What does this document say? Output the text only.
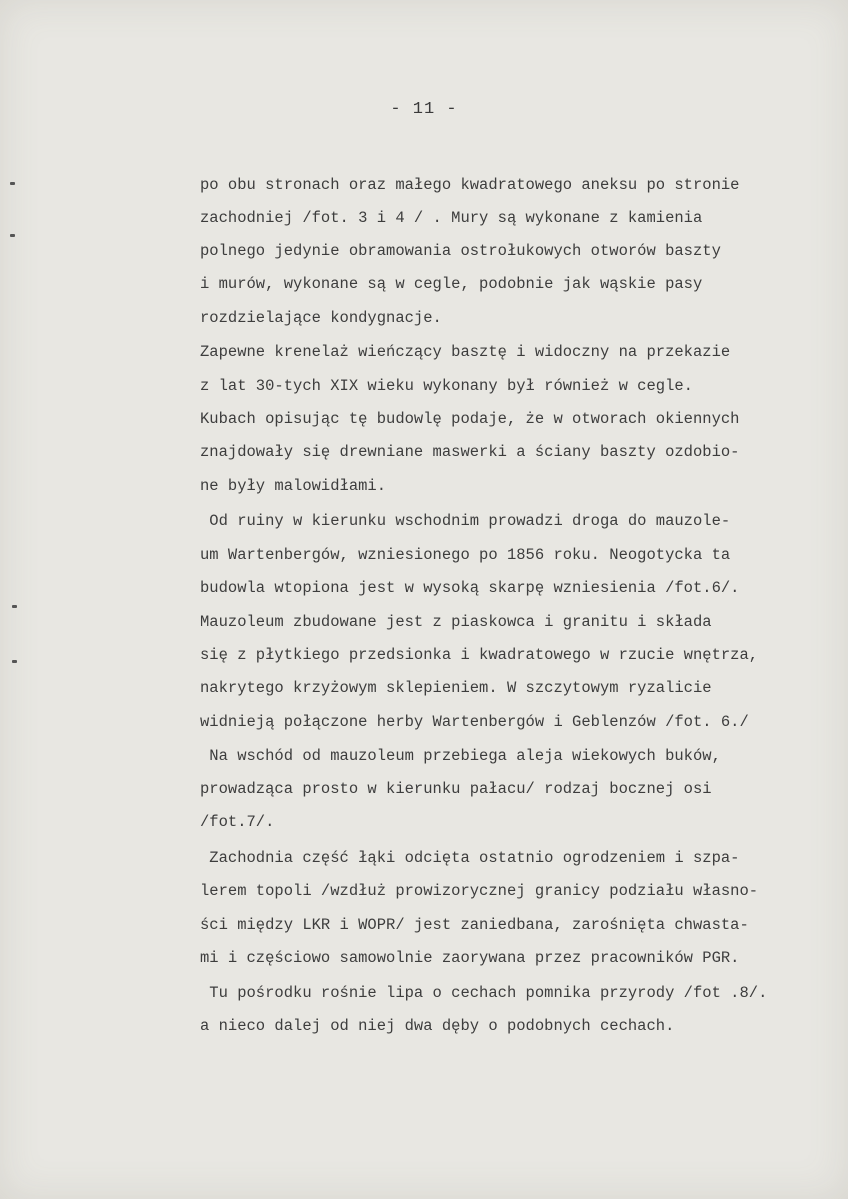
- 11 -
po obu stronach oraz małego kwadratowego aneksu po stronie
zachodniej /fot. 3 i 4 / . Mury są wykonane z kamienia
polnego jedynie obramowania ostrołukowych otworów baszty
i murów, wykonane są w cegle, podobnie jak wąskie pasy
rozdzielające kondygnacje.
Zapewne krenelaż wieńczący basztę i widoczny na przekazie
z lat 30-tych XIX wieku wykonany był również w cegle.
Kubach opisując tę budowlę podaje, że w otworach okiennych
znajdowały się drewniane maswerki a ściany baszty ozdobio-
ne były malowidłami.
Od ruiny w kierunku wschodnim prowadzi droga do mauzole-
um Wartenbergów, wzniesionego po 1856 roku. Neogotycka ta
budowla wtopiona jest w wysoką skarpę wzniesienia /fot.6/.
Mauzoleum zbudowane jest z piaskowca i granitu i składa
się z płytkiego przedsionka i kwadratowego w rzucie wnętrza,
nakrytego krzyżowym sklepieniem. W szczytowym ryzalicie
widnieją połączone herby Wartenbergów i Geblenzów /fot. 6./
Na wschód od mauzoleum przebiega aleja wiekowych buków,
prowadząca prosto w kierunku pałacu/ rodzaj bocznej osi
/fot.7/.
Zachodnia część łąki odcięta ostatnio ogrodzeniem i szpa-
lerem topoli /wzdłuż prowizorycznej granicy podziału własno-
ści między LKR i WOPR/ jest zaniedbana, zarośnięta chwasta-
mi i częściowo samowolnie zaorywana przez pracowników PGR.
Tu pośrodku rośnie lipa o cechach pomnika przyrody /fot .8/.
a nieco dalej od niej dwa dęby o podobnych cechach.
